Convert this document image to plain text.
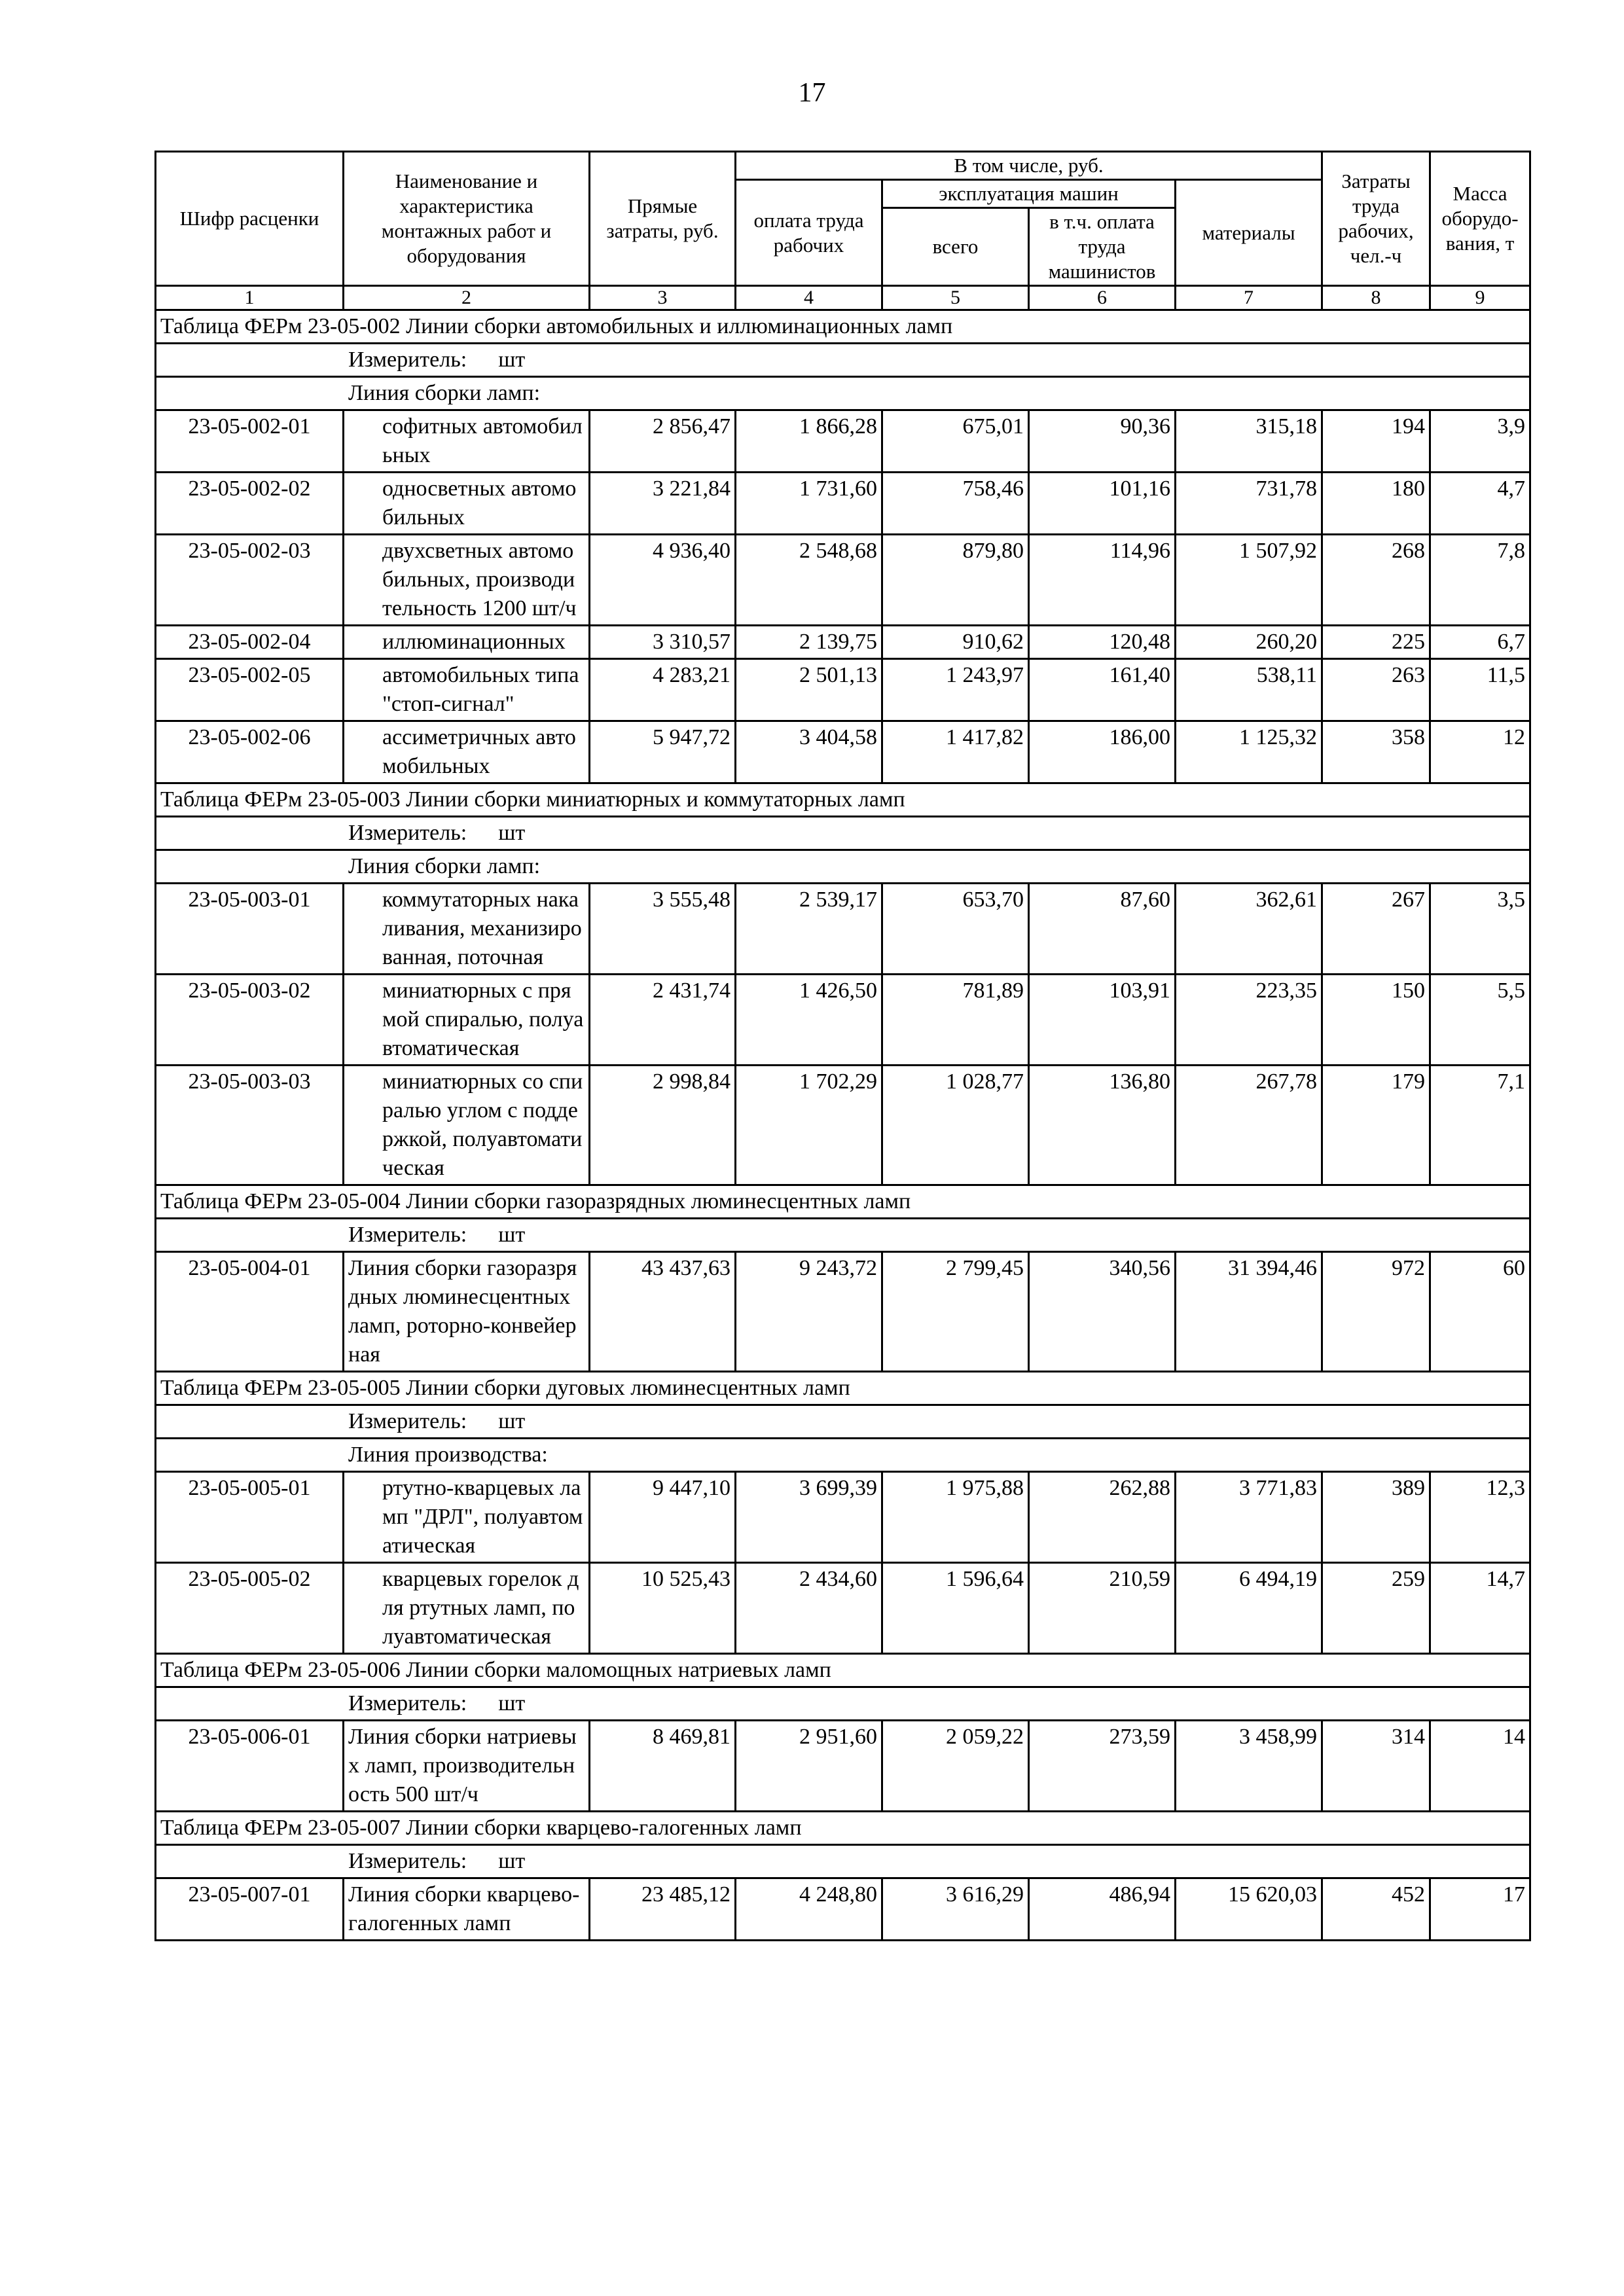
17
Шифр расценки	Наименование и характеристика монтажных работ и оборудования	Прямые затраты, руб.	В том числе, руб.				Затраты труда рабочих, чел.-ч	Масса оборудо-вания, т
			оплата труда рабочих	эксплуатация машин		материалы		
				всего	в т.ч. оплата труда машинистов			
1	2	3	4	5	6	7	8	9
Таблица ФЕРм 23-05-002 Линии сборки автомобильных и иллюминационных ламп								
Измеритель: шт								
Линия сборки ламп:								
23-05-002-01	софитных автомобильных	2 856,47	1 866,28	675,01	90,36	315,18	194	3,9
23-05-002-02	односветных автомобильных	3 221,84	1 731,60	758,46	101,16	731,78	180	4,7
23-05-002-03	двухсветных автомобильных, производительность 1200 шт/ч	4 936,40	2 548,68	879,80	114,96	1 507,92	268	7,8
23-05-002-04	иллюминационных	3 310,57	2 139,75	910,62	120,48	260,20	225	6,7
23-05-002-05	автомобильных типа "стоп-сигнал"	4 283,21	2 501,13	1 243,97	161,40	538,11	263	11,5
23-05-002-06	ассиметричных автомобильных	5 947,72	3 404,58	1 417,82	186,00	1 125,32	358	12
Таблица ФЕРм 23-05-003 Линии сборки миниатюрных и коммутаторных ламп								
Измеритель: шт								
Линия сборки ламп:								
23-05-003-01	коммутаторных накаливания, механизированная, поточная	3 555,48	2 539,17	653,70	87,60	362,61	267	3,5
23-05-003-02	миниатюрных с прямой спиралью, полуавтоматическая	2 431,74	1 426,50	781,89	103,91	223,35	150	5,5
23-05-003-03	миниатюрных со спиралью углом с поддержкой, полуавтоматическая	2 998,84	1 702,29	1 028,77	136,80	267,78	179	7,1
Таблица ФЕРм 23-05-004 Линии сборки газоразрядных люминесцентных ламп								
Измеритель: шт								
23-05-004-01	Линия сборки газоразрядных люминесцентных ламп, роторно-конвейерная	43 437,63	9 243,72	2 799,45	340,56	31 394,46	972	60
Таблица ФЕРм 23-05-005 Линии сборки дуговых люминесцентных ламп								
Измеритель: шт								
Линия производства:								
23-05-005-01	ртутно-кварцевых ламп "ДРЛ", полуавтоматическая	9 447,10	3 699,39	1 975,88	262,88	3 771,83	389	12,3
23-05-005-02	кварцевых горелок для ртутных ламп, полуавтоматическая	10 525,43	2 434,60	1 596,64	210,59	6 494,19	259	14,7
Таблица ФЕРм 23-05-006 Линии сборки маломощных натриевых ламп								
Измеритель: шт								
23-05-006-01	Линия сборки натриевых ламп, производительность 500 шт/ч	8 469,81	2 951,60	2 059,22	273,59	3 458,99	314	14
Таблица ФЕРм 23-05-007 Линии сборки кварцево-галогенных ламп								
Измеритель: шт								
23-05-007-01	Линия сборки кварцево-галогенных ламп	23 485,12	4 248,80	3 616,29	486,94	15 620,03	452	17
